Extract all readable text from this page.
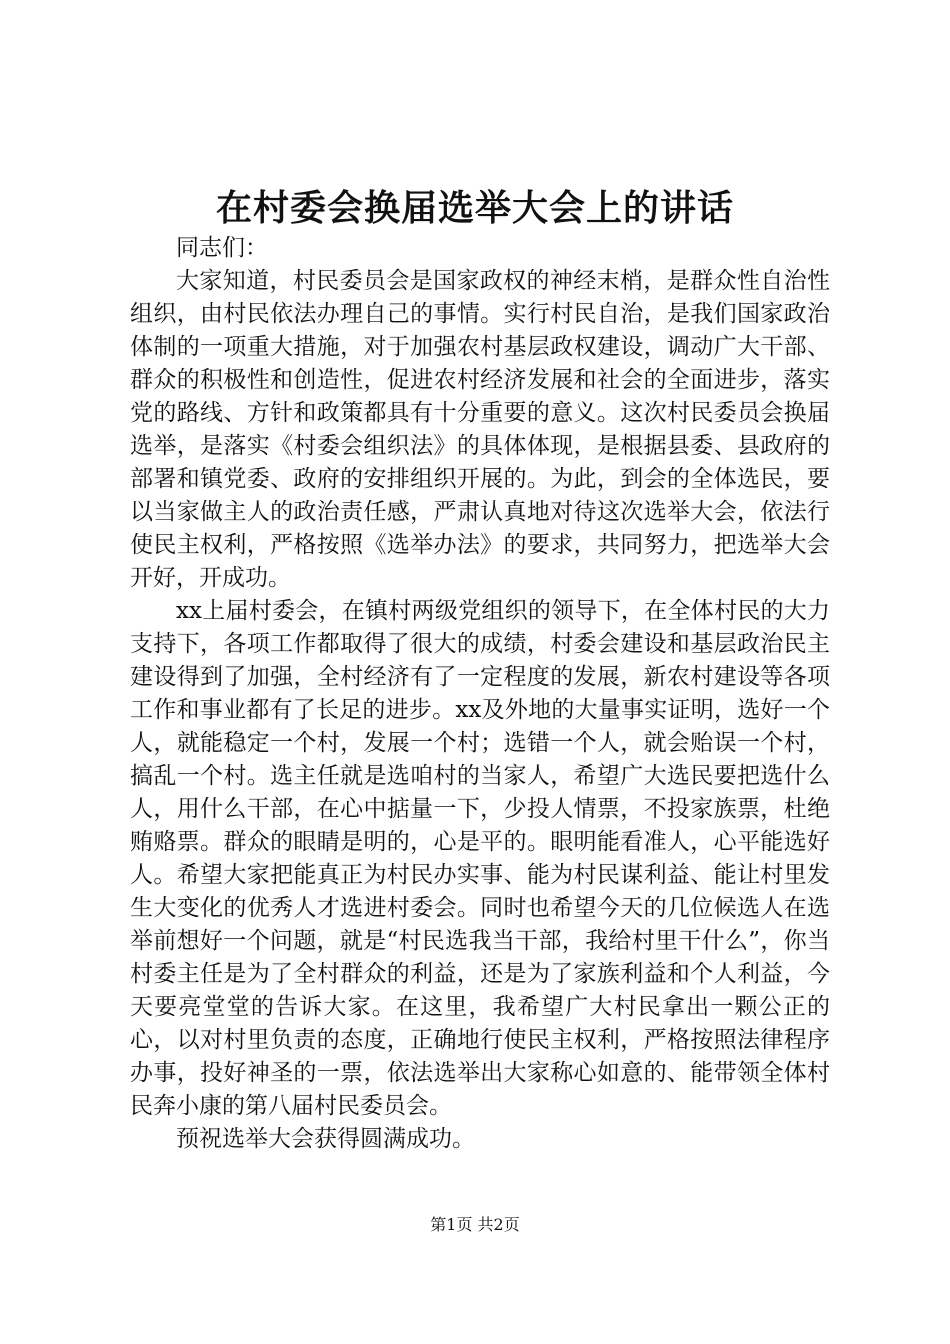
在村委会换届选举大会上的讲话

同志们：

大家知道，村民委员会是国家政权的神经末梢，是群众性自治性组织，由村民依法办理自己的事情。实行村民自治，是我们国家政治体制的一项重大措施，对于加强农村基层政权建设，调动广大干部、群众的积极性和创造性，促进农村经济发展和社会的全面进步，落实党的路线、方针和政策都具有十分重要的意义。这次村民委员会换届选举，是落实《村委会组织法》的具体体现，是根据县委、县政府的部署和镇党委、政府的安排组织开展的。为此，到会的全体选民，要以当家做主人的政治责任感，严肃认真地对待这次选举大会，依法行使民主权利，严格按照《选举办法》的要求，共同努力，把选举大会开好，开成功。

xx上届村委会，在镇村两级党组织的领导下，在全体村民的大力支持下，各项工作都取得了很大的成绩，村委会建设和基层政治民主建设得到了加强，全村经济有了一定程度的发展，新农村建设等各项工作和事业都有了长足的进步。xx及外地的大量事实证明，选好一个人，就能稳定一个村，发展一个村；选错一个人，就会贻误一个村，搞乱一个村。选主任就是选咱村的当家人，希望广大选民要把选什么人，用什么干部，在心中掂量一下，少投人情票，不投家族票，杜绝贿赂票。群众的眼睛是明的，心是平的。眼明能看准人，心平能选好人。希望大家把能真正为村民办实事、能为村民谋利益、能让村里发生大变化的优秀人才选进村委会。同时也希望今天的几位候选人在选举前想好一个问题，就是“村民选我当干部，我给村里干什么”，你当村委主任是为了全村群众的利益，还是为了家族利益和个人利益，今天要亮堂堂的告诉大家。在这里，我希望广大村民拿出一颗公正的心，以对村里负责的态度，正确地行使民主权利，严格按照法律程序办事，投好神圣的一票，依法选举出大家称心如意的、能带领全体村民奔小康的第八届村民委员会。

预祝选举大会获得圆满成功。

第1页 共2页
